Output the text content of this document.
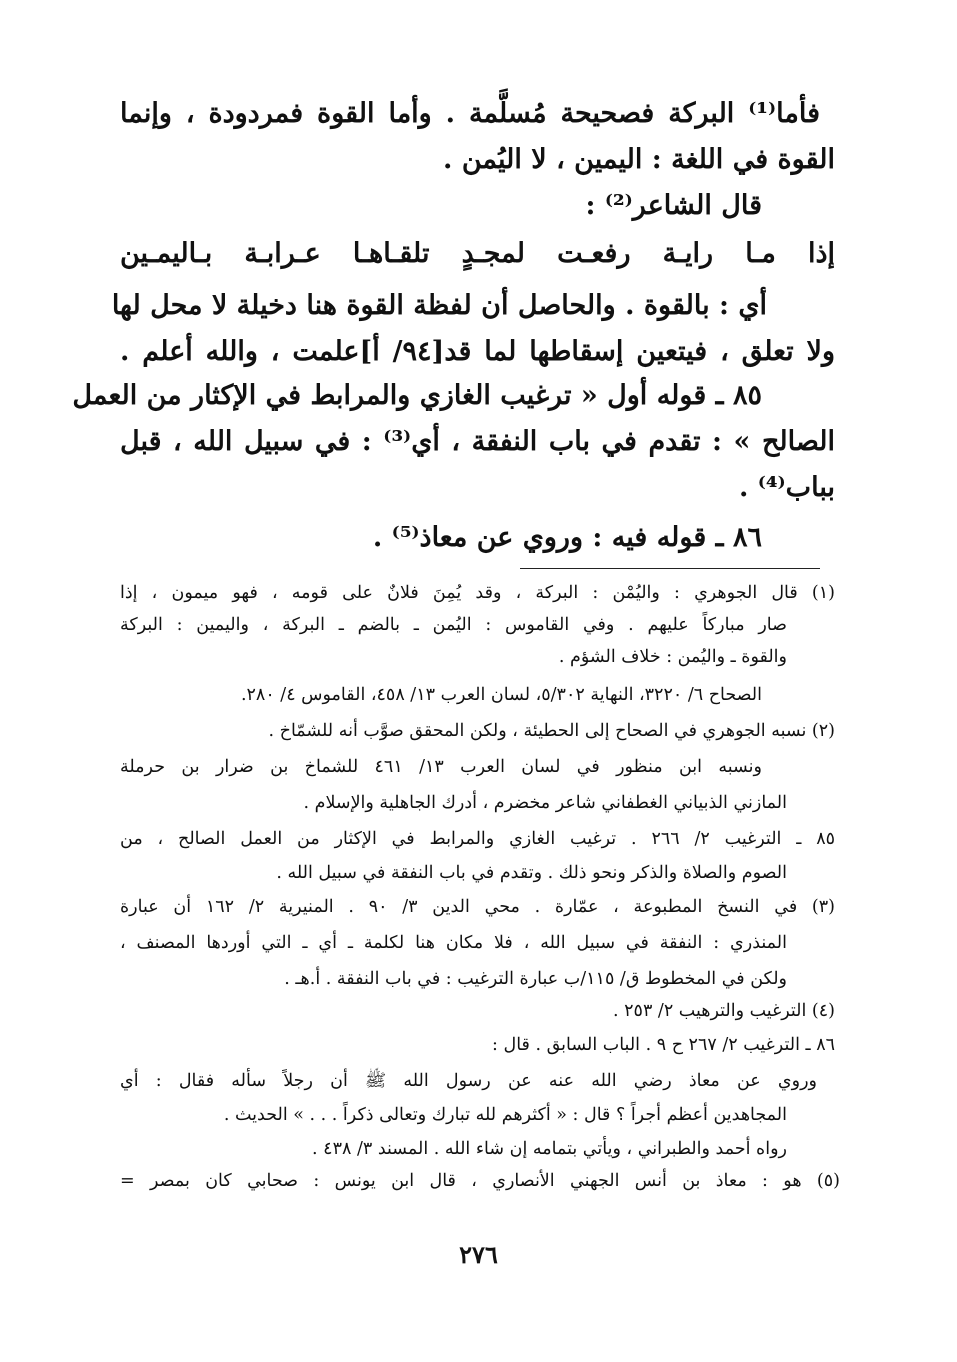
فأما⁽¹⁾ البركة فصحيحة مُسلَّمة . وأما القوة فمردودة ، وإنما
القوة في اللغة : اليمين ، لا اليُمن .
قال الشاعر⁽²⁾ :
إذا مـا رايـة رفعـت لمجـدٍ تلقـاهـا عـرابـة بـاليمـين
أي : بالقوة . والحاصل أن لفظة القوة هنا دخيلة لا محل لها
ولا تعلق ، فيتعين إسقاطها لما قد[٩٤/ أ]علمت ، والله أعلم .
٨٥ ـ قوله أول « ترغيب الغازي والمرابط في الإكثار من العمل
الصالح » : تقدم في باب النفقة ، أي⁽³⁾ : في سبيل الله ، قبل
بباب⁽⁴⁾ .
٨٦ ـ قوله فيه : وروي عن معاذ⁽⁵⁾ .
(١) قال الجوهري : واليُمْن : البركة ، وقد يُمِنَ فلانٌ على قومه ، فهو ميمون ، إذا
صار مباركاً عليهم . وفي القاموس : اليُمن ـ بالضم ـ البركة ، واليمين : البركة
والقوة ـ واليُمن : خلاف الشؤم .
الصحاح ٦/ ٣٢٢٠، النهاية ٥/٣٠٢، لسان العرب ١٣/ ٤٥٨، القاموس ٤/ ٢٨٠.
(٢) نسبه الجوهري في الصحاح إلى الحطيئة ، ولكن المحقق صوَّب أنه للشمّاخ .
ونسبه ابن منظور في لسان العرب ١٣/ ٤٦١ للشماخ بن ضرار بن حرملة
المازني الذبياني الغطفاني شاعر مخضرم ، أدرك الجاهلية والإسلام .
٨٥ ـ الترغيب ٢/ ٢٦٦ . ترغيب الغازي والمرابط في الإكثار من العمل الصالح ، من
الصوم والصلاة والذكر ونحو ذلك . وتقدم في باب النفقة في سبيل الله .
(٣) في النسخ المطبوعة ، عمّارة . محي الدين ٣/ ٩٠ . المنيرية ٢/ ١٦٢ أن عبارة
المنذري : النفقة في سبيل الله ، فلا مكان هنا لكلمة ـ أي ـ التي أوردها المصنف ،
ولكن في المخطوط ق/ ١١٥/ب عبارة الترغيب : في باب النفقة . أ.هـ .
(٤) الترغيب والترهيب ٢/ ٢٥٣ .
٨٦ ـ الترغيب ٢/ ٢٦٧ ح ٩ . الباب السابق . قال :
وروي عن معاذ رضي الله عنه عن رسول الله ﷺ أن رجلاً سأله فقال : أي
المجاهدين أعظم أجراً ؟ قال : « أكثرهم لله تبارك وتعالى ذكراً . . . » الحديث .
رواه أحمد والطبراني ، ويأتي بتمامه إن شاء الله . المسند ٣/ ٤٣٨ .
(٥) هو : معاذ بن أنس الجهني الأنصاري ، قال ابن يونس : صحابي كان بمصر =
٢٧٦
